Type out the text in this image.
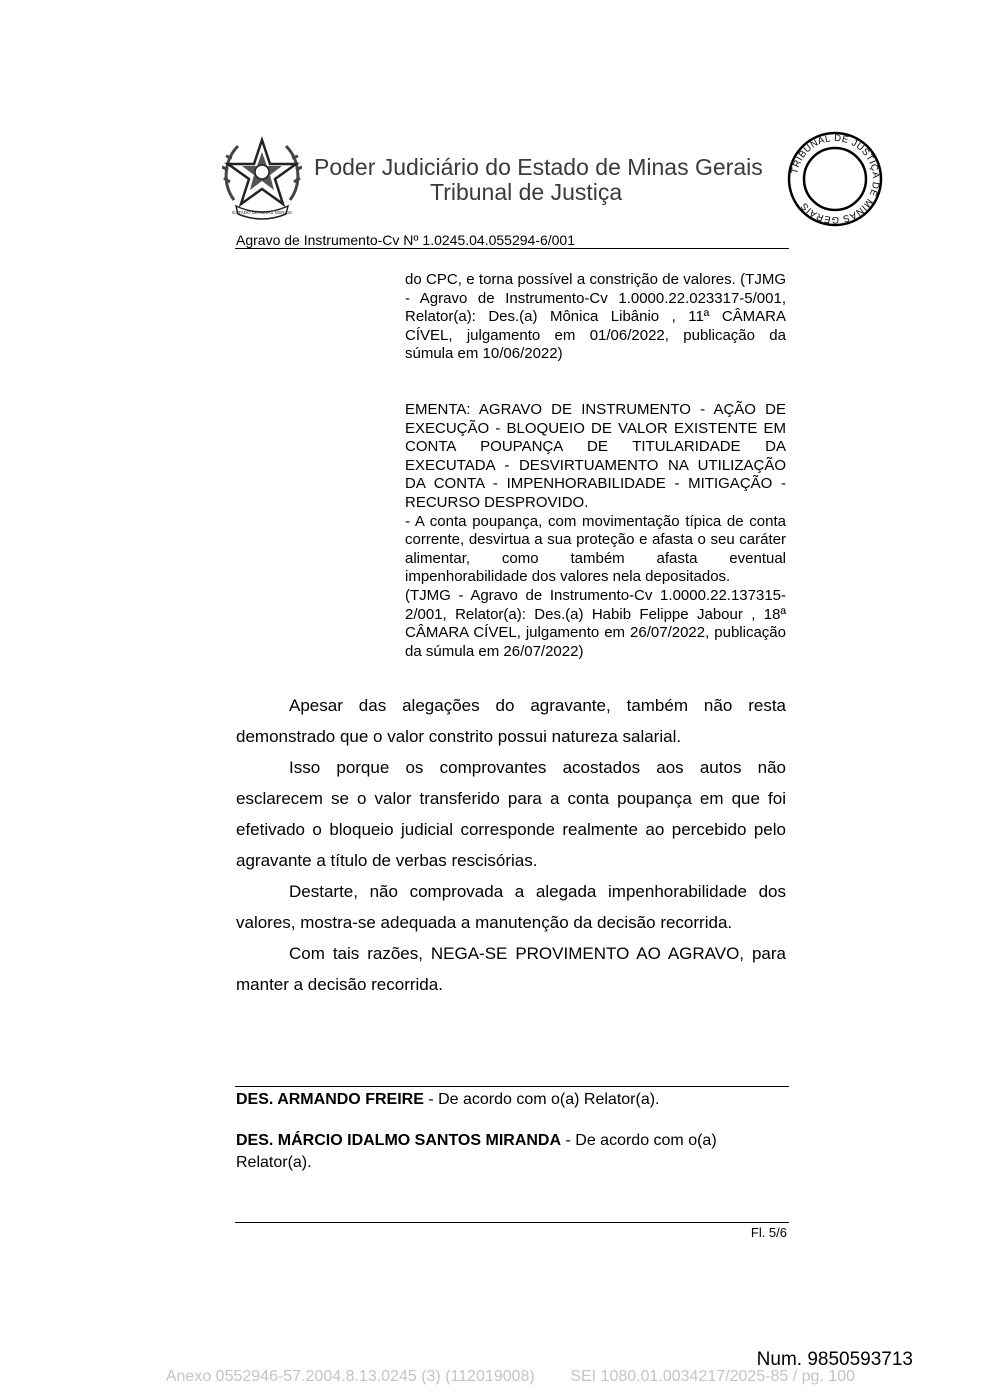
ESTADO DE MINAS GERAIS
Poder Judiciário do Estado de Minas Gerais
Tribunal de Justiça
TRIBUNAL DE JUSTIÇA DE MINAS GERAIS
Agravo de Instrumento-Cv Nº 1.0245.04.055294-6/001

do CPC, e torna possível a constrição de valores. (TJMG - Agravo de Instrumento-Cv 1.0000.22.023317-5/001, Relator(a): Des.(a) Mônica Libânio , 11ª CÂMARA CÍVEL, julgamento em 01/06/2022, publicação da súmula em 10/06/2022)

EMENTA: AGRAVO DE INSTRUMENTO - AÇÃO DE EXECUÇÃO - BLOQUEIO DE VALOR EXISTENTE EM CONTA POUPANÇA DE TITULARIDADE DA EXECUTADA - DESVIRTUAMENTO NA UTILIZAÇÃO DA CONTA - IMPENHORABILIDADE - MITIGAÇÃO - RECURSO DESPROVIDO.

- A conta poupança, com movimentação típica de conta corrente, desvirtua a sua proteção e afasta o seu caráter alimentar, como também afasta eventual impenhorabilidade dos valores nela depositados.

(TJMG - Agravo de Instrumento-Cv 1.0000.22.137315-2/001, Relator(a): Des.(a) Habib Felippe Jabour , 18ª CÂMARA CÍVEL, julgamento em 26/07/2022, publicação da súmula em 26/07/2022)

Apesar das alegações do agravante, também não resta demonstrado que o valor constrito possui natureza salarial.

Isso porque os comprovantes acostados aos autos não esclarecem se o valor transferido para a conta poupança em que foi efetivado o bloqueio judicial corresponde realmente ao percebido pelo agravante a título de verbas rescisórias.

Destarte, não comprovada a alegada impenhorabilidade dos valores, mostra-se adequada a manutenção da decisão recorrida.

Com tais razões, NEGA-SE PROVIMENTO AO AGRAVO, para manter a decisão recorrida.

DES. ARMANDO FREIRE - De acordo com o(a) Relator(a).
DES. MÁRCIO IDALMO SANTOS MIRANDA - De acordo com o(a) Relator(a).
Fl. 5/6
Num. 9850593713
Anexo 0552946-57.2004.8.13.0245 (3) (112019008)        SEI 1080.01.0034217/2025-85 / pg. 100
